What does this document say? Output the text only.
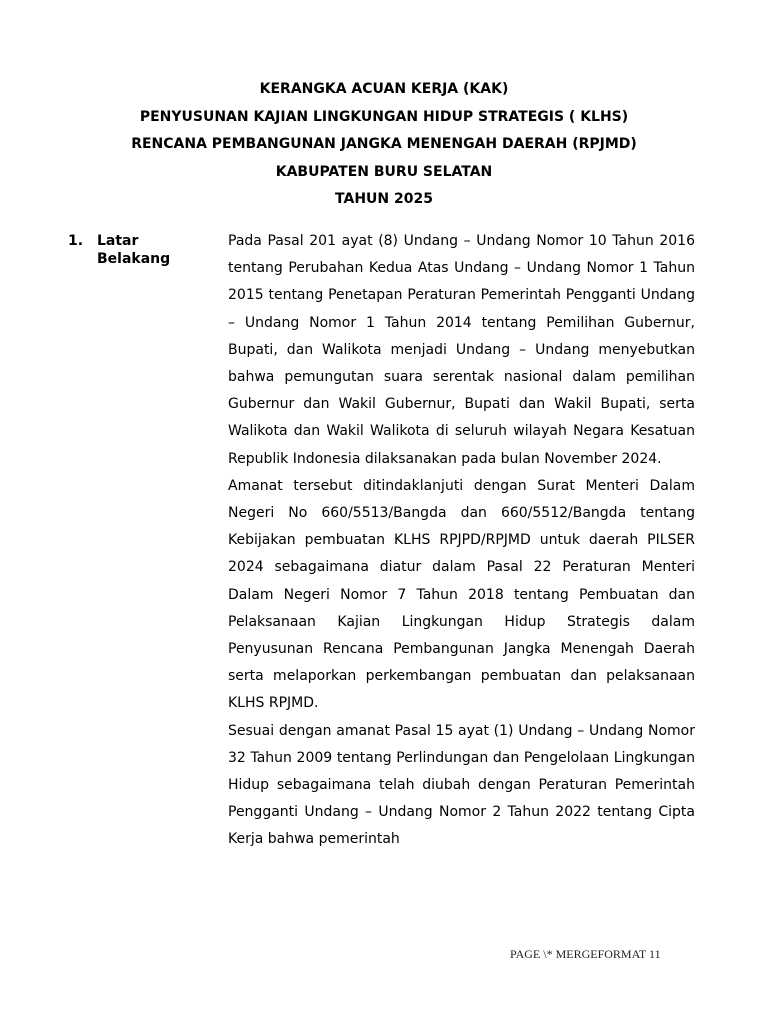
KERANGKA ACUAN KERJA (KAK)
PENYUSUNAN KAJIAN LINGKUNGAN HIDUP STRATEGIS ( KLHS)
RENCANA PEMBANGUNAN JANGKA MENENGAH DAERAH (RPJMD)
KABUPATEN BURU SELATAN
TAHUN 2025
1. Latar Belakang

Pada Pasal 201 ayat (8) Undang – Undang Nomor 10 Tahun 2016 tentang Perubahan Kedua Atas Undang – Undang Nomor 1 Tahun 2015 tentang Penetapan Peraturan Pemerintah Pengganti Undang – Undang Nomor 1 Tahun 2014 tentang Pemilihan Gubernur, Bupati, dan Walikota menjadi Undang – Undang menyebutkan bahwa pemungutan suara serentak nasional dalam pemilihan Gubernur dan Wakil Gubernur, Bupati dan Wakil Bupati, serta Walikota dan Wakil Walikota di seluruh wilayah Negara Kesatuan Republik Indonesia dilaksanakan pada bulan November 2024.

Amanat tersebut ditindaklanjuti dengan Surat Menteri Dalam Negeri No 660/5513/Bangda dan 660/5512/Bangda tentang Kebijakan pembuatan KLHS RPJPD/RPJMD untuk daerah PILSER 2024 sebagaimana diatur dalam Pasal 22 Peraturan Menteri Dalam Negeri Nomor 7 Tahun 2018 tentang Pembuatan dan Pelaksanaan Kajian Lingkungan Hidup Strategis dalam Penyusunan Rencana Pembangunan Jangka Menengah Daerah serta melaporkan perkembangan pembuatan dan pelaksanaan KLHS RPJMD.

Sesuai dengan amanat Pasal 15 ayat (1) Undang – Undang Nomor 32 Tahun 2009 tentang Perlindungan dan Pengelolaan Lingkungan Hidup sebagaimana telah diubah dengan Peraturan Pemerintah Pengganti Undang – Undang Nomor 2 Tahun 2022 tentang Cipta Kerja bahwa pemerintah

PAGE \* MERGEFORMAT 11
